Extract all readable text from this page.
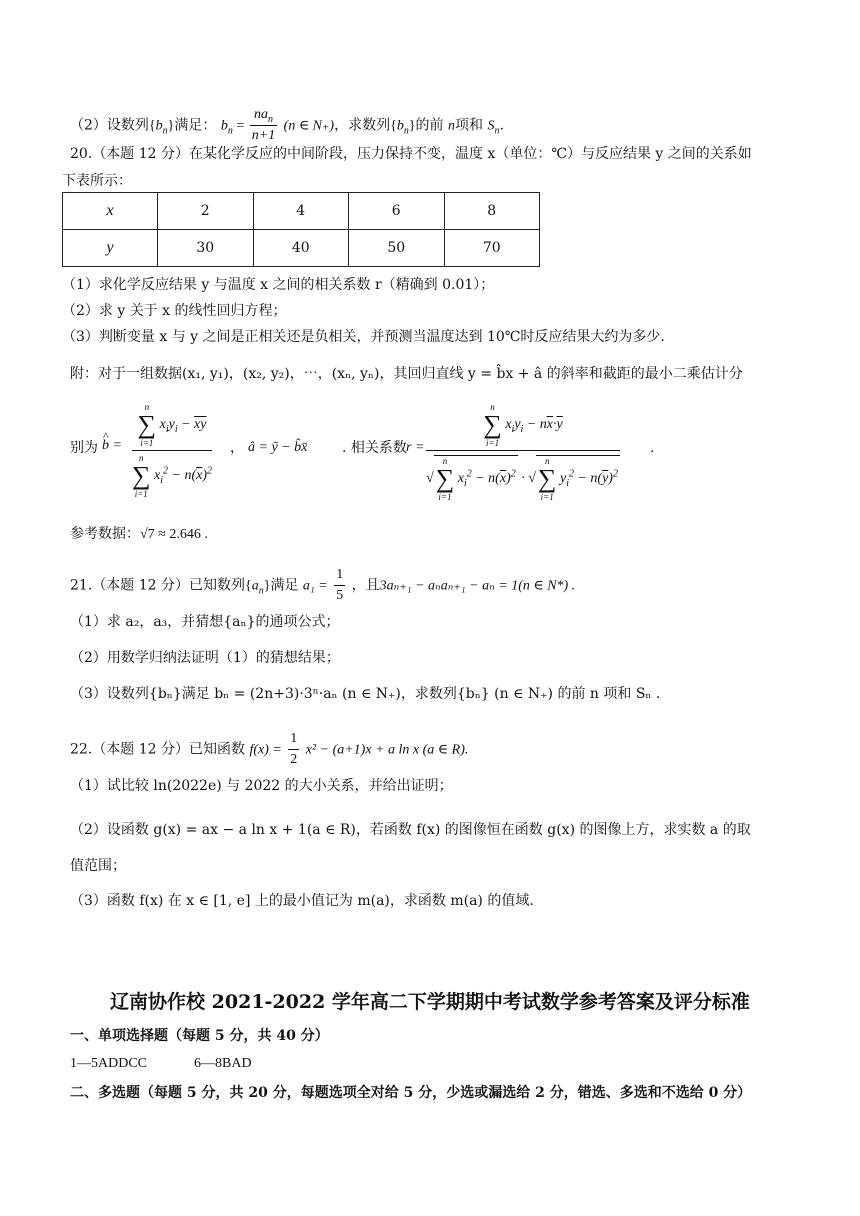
（2）设数列$\{b_n\}$满足： $b_n = \frac{na_n}{n+1} (n$ ∈ N₊)，求数列$\{b_n\}$的前 n项和 $S_n$.
20.（本题 12 分）在某化学反应的中间阶段，压力保持不变，温度 x（单位：℃）与反应结果 y 之间的关系如
下表所示：
x	2	4	6	8
y	30	40	50	70
（1）求化学反应结果 y 与温度 x 之间的相关系数 r（精确到 0.01）；
（2）求 y 关于 x 的线性回归方程；
（3）判断变量 x 与 y 之间是正相关还是负相关，并预测当温度达到 10℃时反应结果大约为多少.
附：对于一组数据(x₁, y₁)，(x₂, y₂)，⋯，(xₙ, yₙ)，其回归直线 y = b̂x + â 的斜率和截距的最小二乘估计分
别为 ^ b =
n
∑
i=1 $x_iy_i - \overline{x}\overline{y}$
n
∑
i=1 $x_i^2 - n(\overline{x})^2$
， â = ȳ − b̂x̄ . 相关系数 r =
n
∑
i=1 $x_iy_i - n\overline{x}\cdot\overline{y}$
√n
∑
i=1 $x_i^2 - n(\overline{x})^2 \cdot √n$
∑
i=1 $y_i^2 - n(\overline{y})^2$
.
参考数据：√7 ≈ 2.646 .
21.（本题 12 分）已知数列$\{a_n\}$满足 $a_1 = \frac{1}{5}$ ，且3aₙ₊₁ − aₙaₙ₊₁ − aₙ = 1(n ∈ N*) .
（1）求 a₂，a₃，并猜想{aₙ}的通项公式；
（2）用数学归纳法证明（1）的猜想结果；
（3）设数列{bₙ}满足 bₙ = (2n+3)·3ⁿ·aₙ (n ∈ N₊)，求数列{bₙ} (n ∈ N₊) 的前 n 项和 Sₙ .
22.（本题 12 分）已知函数 $f(x) = \frac{1}{2} x^2 - (a+1)x + a$ ln x (a ∈ R).
（1）试比较 ln(2022e) 与 2022 的大小关系，并给出证明；
（2）设函数 g(x) = ax − a ln x + 1(a ∈ R)，若函数 f(x) 的图像恒在函数 g(x) 的图像上方，求实数 a 的取
值范围；
（3）函数 f(x) 在 x ∈ [1, e] 上的最小值记为 m(a)，求函数 m(a) 的值域.
辽南协作校 2021-2022 学年高二下学期期中考试数学参考答案及评分标准
一、单项选择题（每题 5 分，共 40 分）
1—5ADDCC	6—8BAD
二、多选题（每题 5 分，共 20 分，每题选项全对给 5 分，少选或漏选给 2 分，错选、多选和不选给 0 分）
